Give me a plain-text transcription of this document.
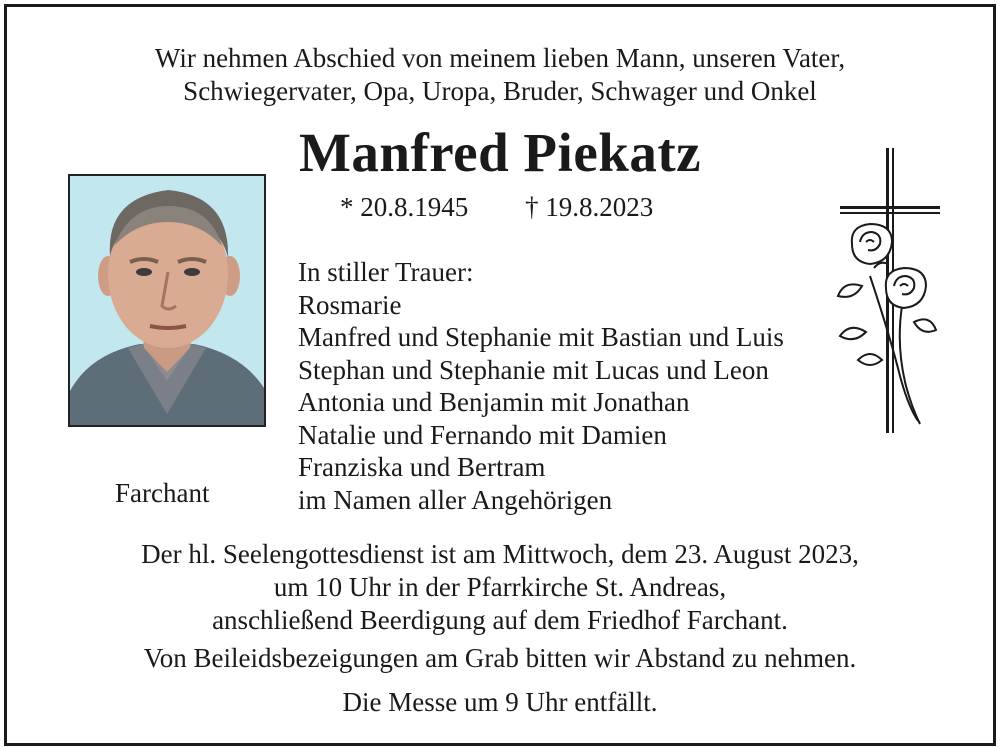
Wir nehmen Abschied von meinem lieben Mann, unseren Vater,
Schwiegervater, Opa, Uropa, Bruder, Schwager und Onkel
Manfred Piekatz
* 20.8.1945 † 19.8.2023
In stiller Trauer:
Rosmarie
Manfred und Stephanie mit Bastian und Luis
Stephan und Stephanie mit Lucas und Leon
Antonia und Benjamin mit Jonathan
Natalie und Fernando mit Damien
Franziska und Bertram
im Namen aller Angehörigen
Farchant
Der hl. Seelengottesdienst ist am Mittwoch, dem 23. August 2023,
um 10 Uhr in der Pfarrkirche St. Andreas,
anschließend Beerdigung auf dem Friedhof Farchant.
Von Beileidsbezeigungen am Grab bitten wir Abstand zu nehmen.
Die Messe um 9 Uhr entfällt.
